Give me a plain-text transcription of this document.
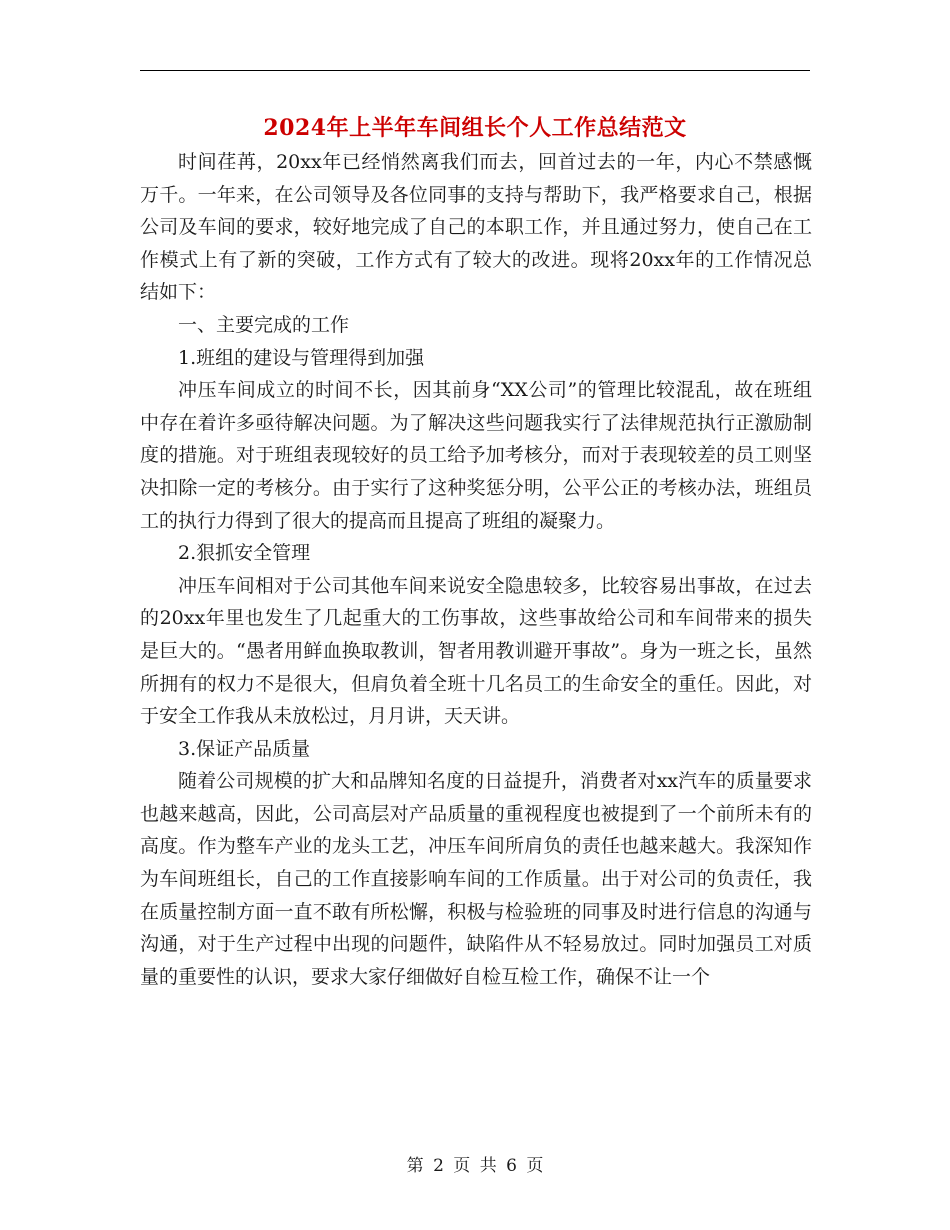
2024年上半年车间组长个人工作总结范文

时间荏苒，20xx年已经悄然离我们而去，回首过去的一年，内心不禁感慨万千。一年来，在公司领导及各位同事的支持与帮助下，我严格要求自己，根据公司及车间的要求，较好地完成了自己的本职工作，并且通过努力，使自己在工作模式上有了新的突破，工作方式有了较大的改进。现将20xx年的工作情况总结如下：

一、主要完成的工作

1.班组的建设与管理得到加强

冲压车间成立的时间不长，因其前身“XX公司”的管理比较混乱，故在班组中存在着许多亟待解决问题。为了解决这些问题我实行了法律规范执行正激励制度的措施。对于班组表现较好的员工给予加考核分，而对于表现较差的员工则坚决扣除一定的考核分。由于实行了这种奖惩分明，公平公正的考核办法，班组员工的执行力得到了很大的提高而且提高了班组的凝聚力。

2.狠抓安全管理

冲压车间相对于公司其他车间来说安全隐患较多，比较容易出事故，在过去的20xx年里也发生了几起重大的工伤事故，这些事故给公司和车间带来的损失是巨大的。“愚者用鲜血换取教训，智者用教训避开事故”。身为一班之长，虽然所拥有的权力不是很大，但肩负着全班十几名员工的生命安全的重任。因此，对于安全工作我从未放松过，月月讲，天天讲。

3.保证产品质量

随着公司规模的扩大和品牌知名度的日益提升，消费者对xx汽车的质量要求也越来越高，因此，公司高层对产品质量的重视程度也被提到了一个前所未有的高度。作为整车产业的龙头工艺，冲压车间所肩负的责任也越来越大。我深知作为车间班组长，自己的工作直接影响车间的工作质量。出于对公司的负责任，我在质量控制方面一直不敢有所松懈，积极与检验班的同事及时进行信息的沟通与沟通，对于生产过程中出现的问题件，缺陷件从不轻易放过。同时加强员工对质量的重要性的认识，要求大家仔细做好自检互检工作，确保不让一个

第 2 页 共 6 页
